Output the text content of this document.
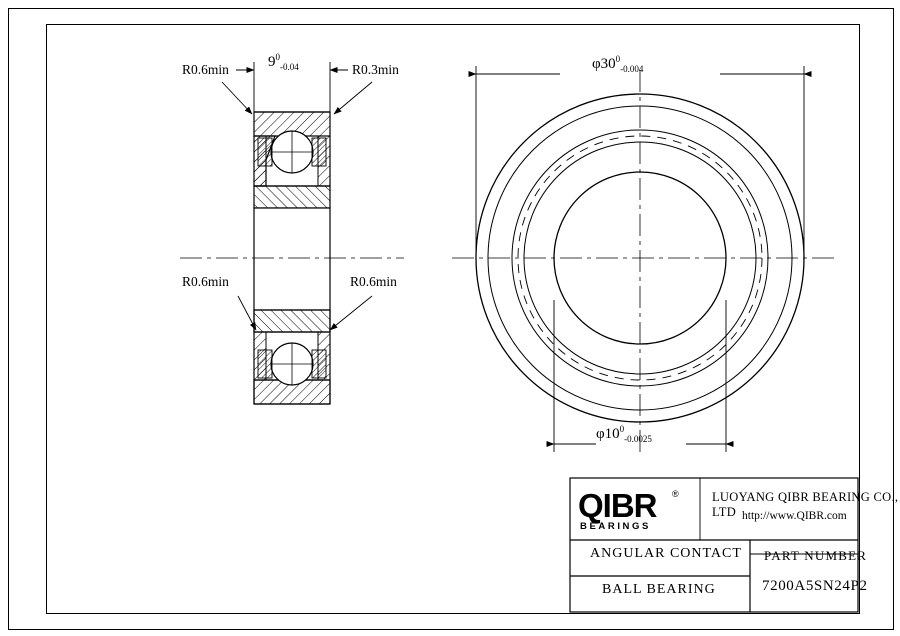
$9^0_{-0.04}$
R0.6min	R0.3min
R0.6min	R0.6min
$\varphi 30^0_{-0.004}$
$\varphi 10^0_{-0.0025}$
QIBR ®
BEARINGS
LUOYANG QIBR BEARING CO., LTD http://www.QIBR.com
ANGULAR CONTACT
BALL BEARING
PART NUMBER
7200A5SN24P2
